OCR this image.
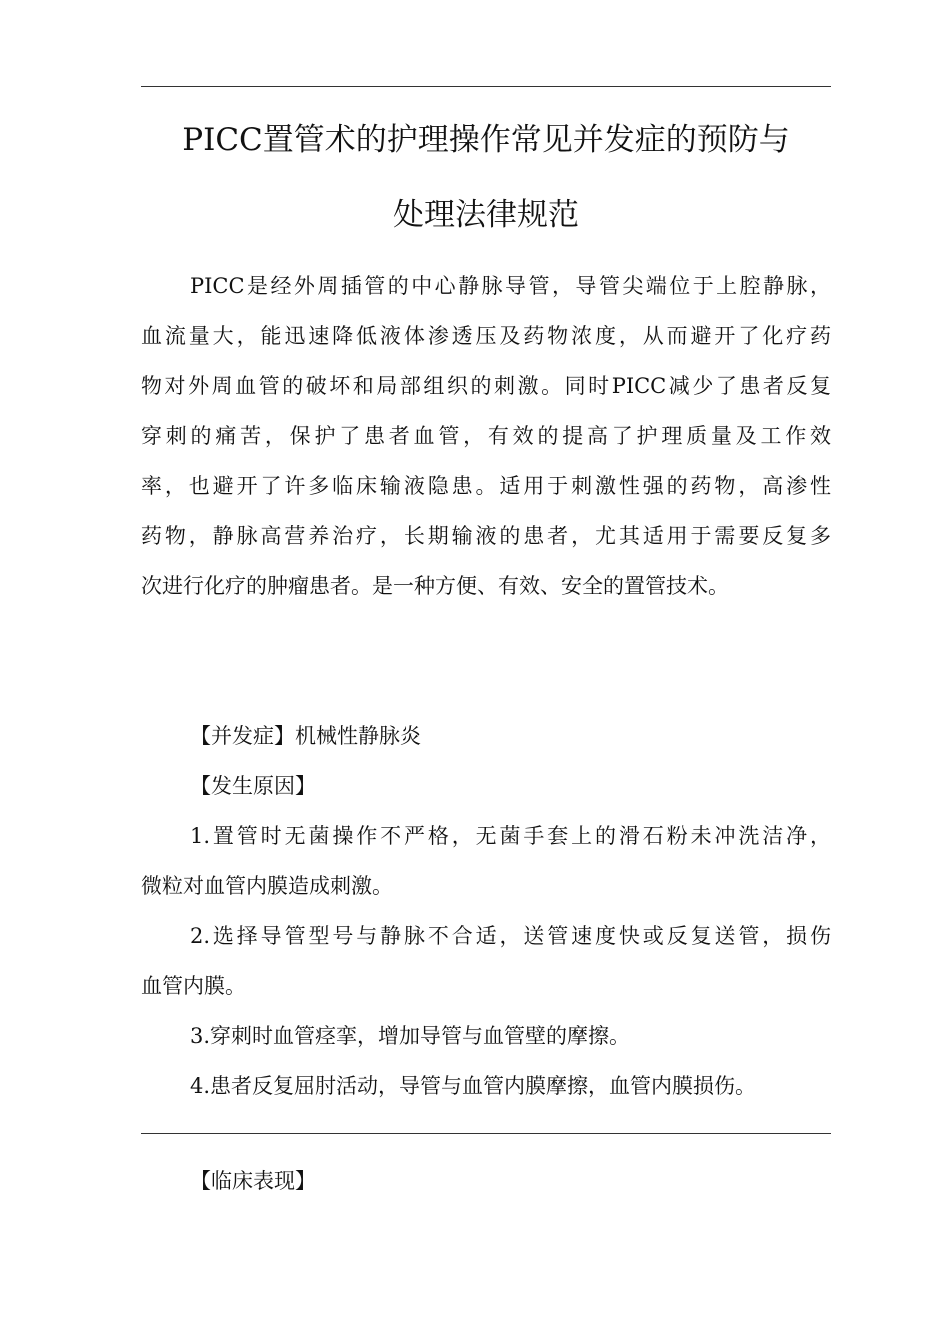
PICC置管术的护理操作常见并发症的预防与
处理法律规范
PICC是经外周插管的中心静脉导管，导管尖端位于上腔静脉，
血流量大，能迅速降低液体渗透压及药物浓度，从而避开了化疗药
物对外周血管的破坏和局部组织的刺激。同时PICC减少了患者反复
穿刺的痛苦，保护了患者血管，有效的提高了护理质量及工作效
率，也避开了许多临床输液隐患。适用于刺激性强的药物，高渗性
药物，静脉高营养治疗，长期输液的患者，尤其适用于需要反复多
次进行化疗的肿瘤患者。是一种方便、有效、安全的置管技术。
【并发症】机械性静脉炎
【发生原因】
1.置管时无菌操作不严格，无菌手套上的滑石粉未冲洗洁净，
微粒对血管内膜造成刺激。
2.选择导管型号与静脉不合适，送管速度快或反复送管，损伤
血管内膜。
3.穿刺时血管痉挛，增加导管与血管壁的摩擦。
4.患者反复屈肘活动，导管与血管内膜摩擦，血管内膜损伤。
【临床表现】
